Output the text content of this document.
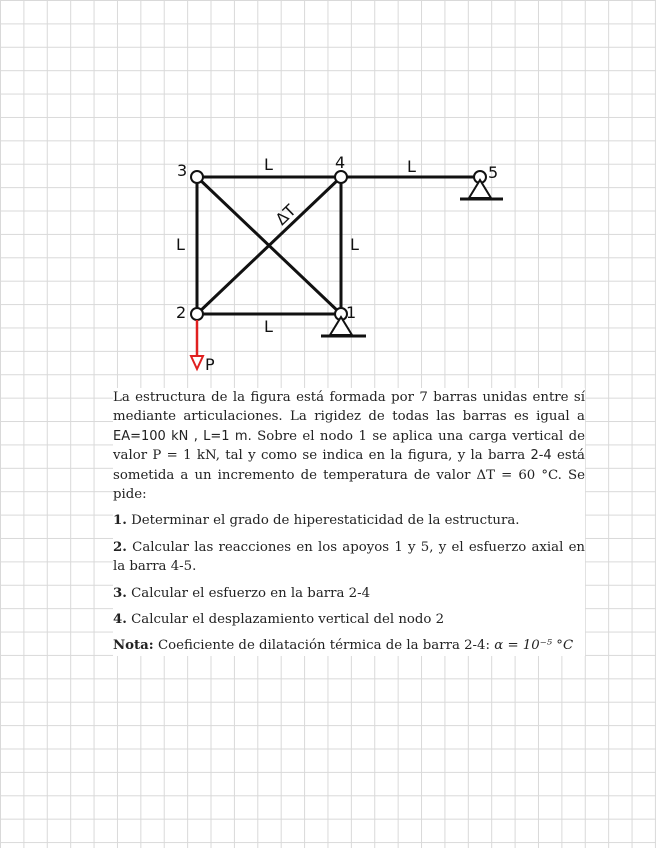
3	4
5
2	1
L	L
L	L
L
ΔT
P
La estructura de la figura está formada por 7 barras unidas entre sí mediante articulaciones. La rigidez de todas las barras es igual a EA=100 kN , L=1 m. Sobre el nodo 1 se aplica una carga vertical de valor P = 1 kN, tal y como se indica en la figura, y la barra 2-4 está sometida a un incremento de temperatura de valor ΔT = 60 °C. Se pide:
1. Determinar el grado de hiperestaticidad de la estructura.
2. Calcular las reacciones en los apoyos 1 y 5, y el esfuerzo axial en la barra 4-5.
3. Calcular el esfuerzo en la barra 2-4
4. Calcular el desplazamiento vertical del nodo 2
Nota: Coeficiente de dilatación térmica de la barra 2-4: α = 10⁻⁵ °C
